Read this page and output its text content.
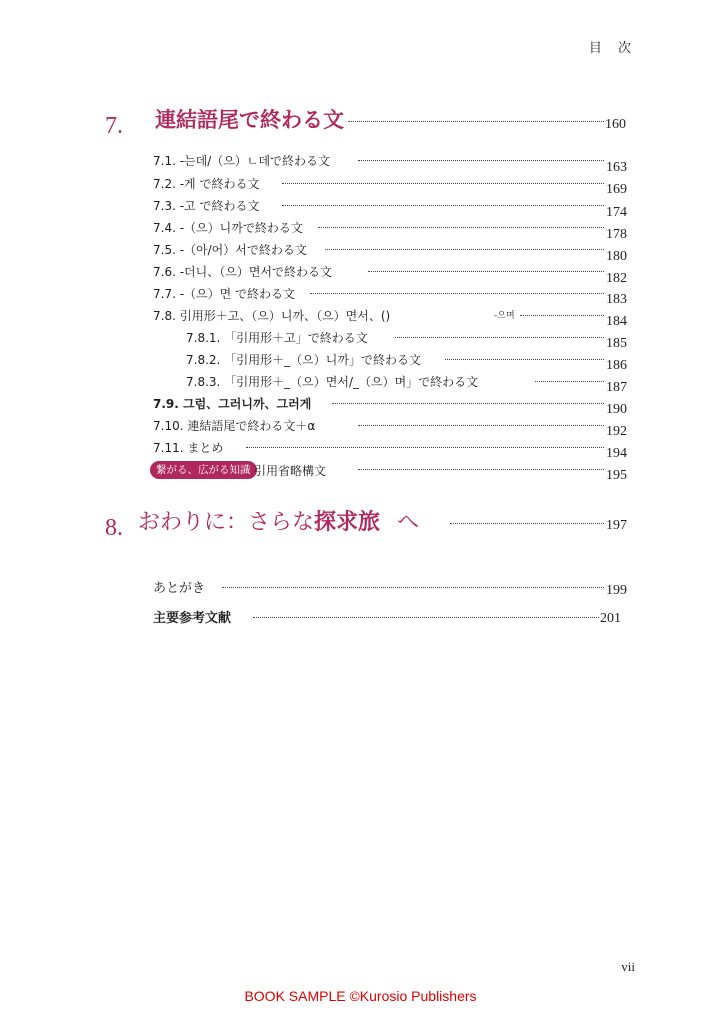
目 次
7. 連結語尾で終わる文	160
7.1. -는데/（으）ㄴ데で終わる文	163
7.2. -게 で終わる文	169
7.3. -고 で終わる文	174
7.4. -（으）니까で終わる文	178
7.5. -（아/어）서で終わる文	180
7.6. -더니、（으）면서で終わる文	182
7.7. -（으）면 で終わる文	183
7.8. 引用形＋고、（으）니까、（으）면서、()	-으며	184
7.8.1. 「引用形＋고」で終わる文	185
7.8.2. 「引用形＋_（으）니까」で終わる文	186
7.8.3. 「引用形＋_（으）면서/_（으）며」で終わる文	187
7.9. 그럼、그러니까、그러게	190
7.10. 連結語尾で終わる文＋α	192
7.11. まとめ	194
繋がる、広がる知識 引用省略構文	195
8. おわりに：さらな探求旅 へ	197
あとがき	199
主要参考文献	201
vii
BOOK SAMPLE ©Kurosio Publishers
